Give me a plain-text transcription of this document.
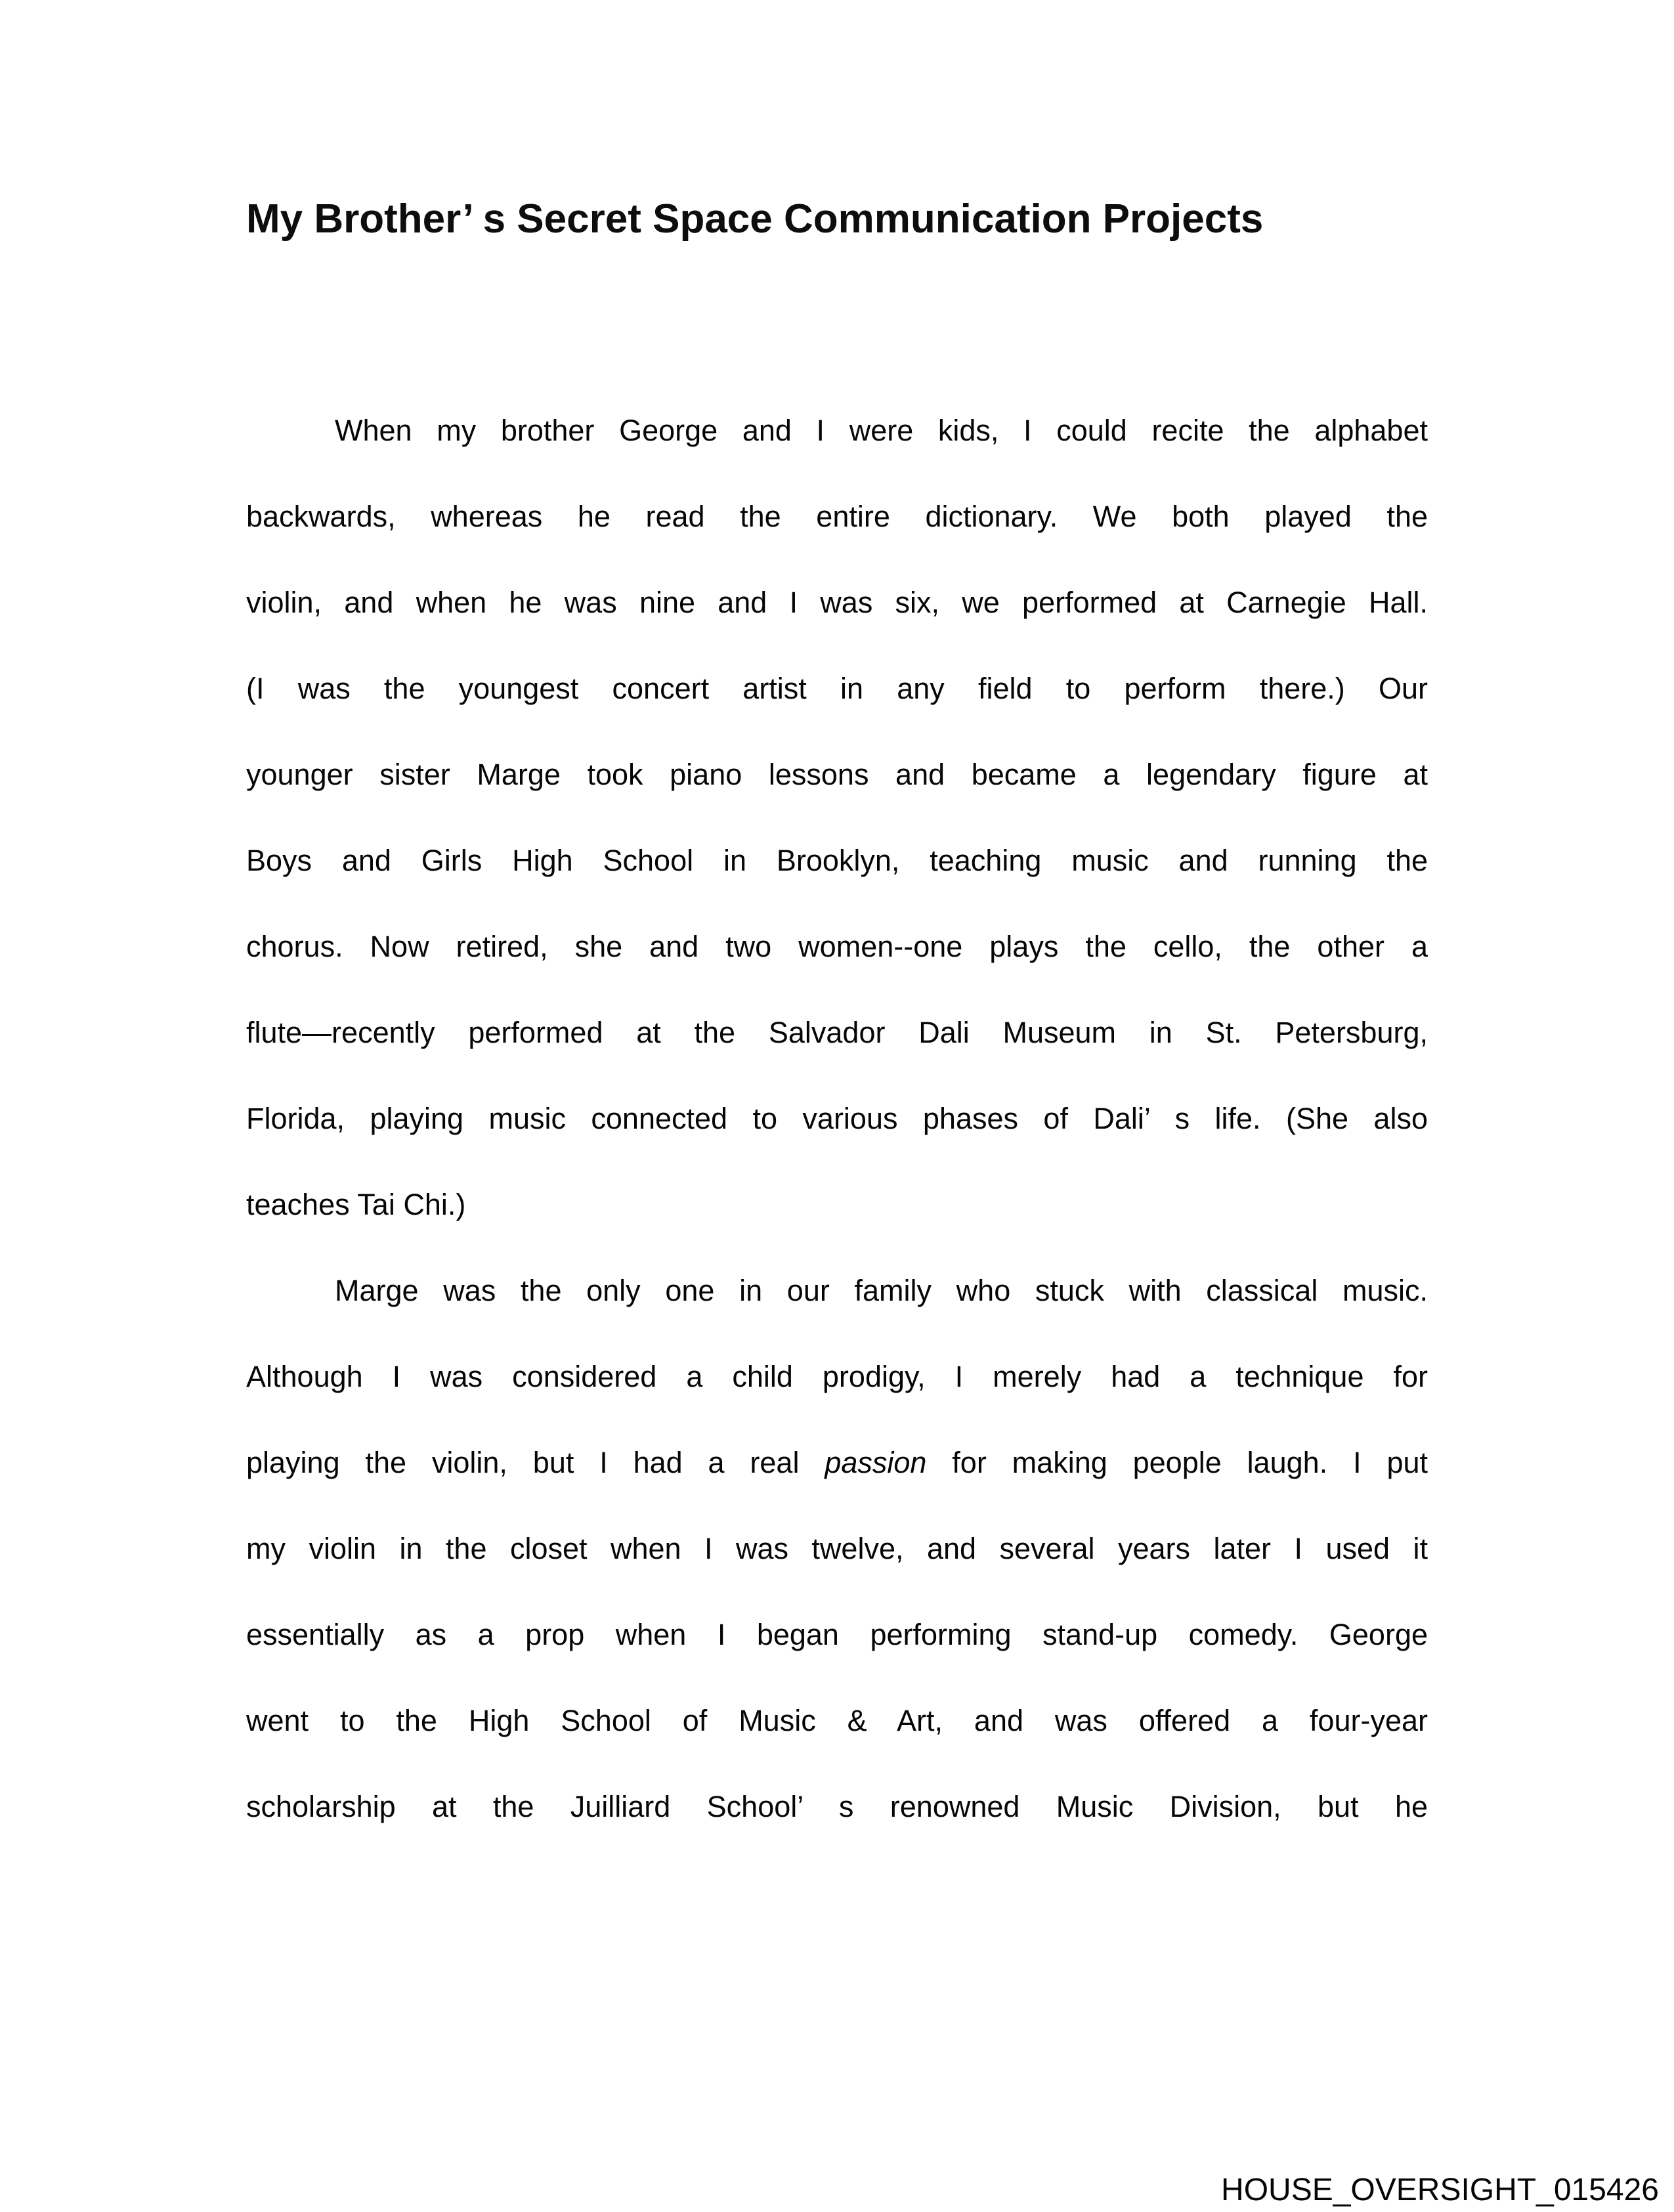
My Brother’ s Secret Space Communication Projects
When my brother George and I were kids, I could recite the alphabet
backwards, whereas he read the entire dictionary. We both played the
violin, and when he was nine and I was six, we performed at Carnegie Hall.
(I was the youngest concert artist in any field to perform there.) Our
younger sister Marge took piano lessons and became a legendary figure at
Boys and Girls High School in Brooklyn, teaching music and running the
chorus. Now retired, she and two women--one plays the cello, the other a
flute—recently performed at the Salvador Dali Museum in St. Petersburg,
Florida, playing music connected to various phases of Dali’ s life. (She also
teaches Tai Chi.)
Marge was the only one in our family who stuck with classical music.
Although I was considered a child prodigy, I merely had a technique for
playing the violin, but I had a real passion for making people laugh. I put
my violin in the closet when I was twelve, and several years later I used it
essentially as a prop when I began performing stand-up comedy. George
went to the High School of Music & Art, and was offered a four-year
scholarship at the Juilliard School’ s renowned Music Division, but he
HOUSE_OVERSIGHT_015426
